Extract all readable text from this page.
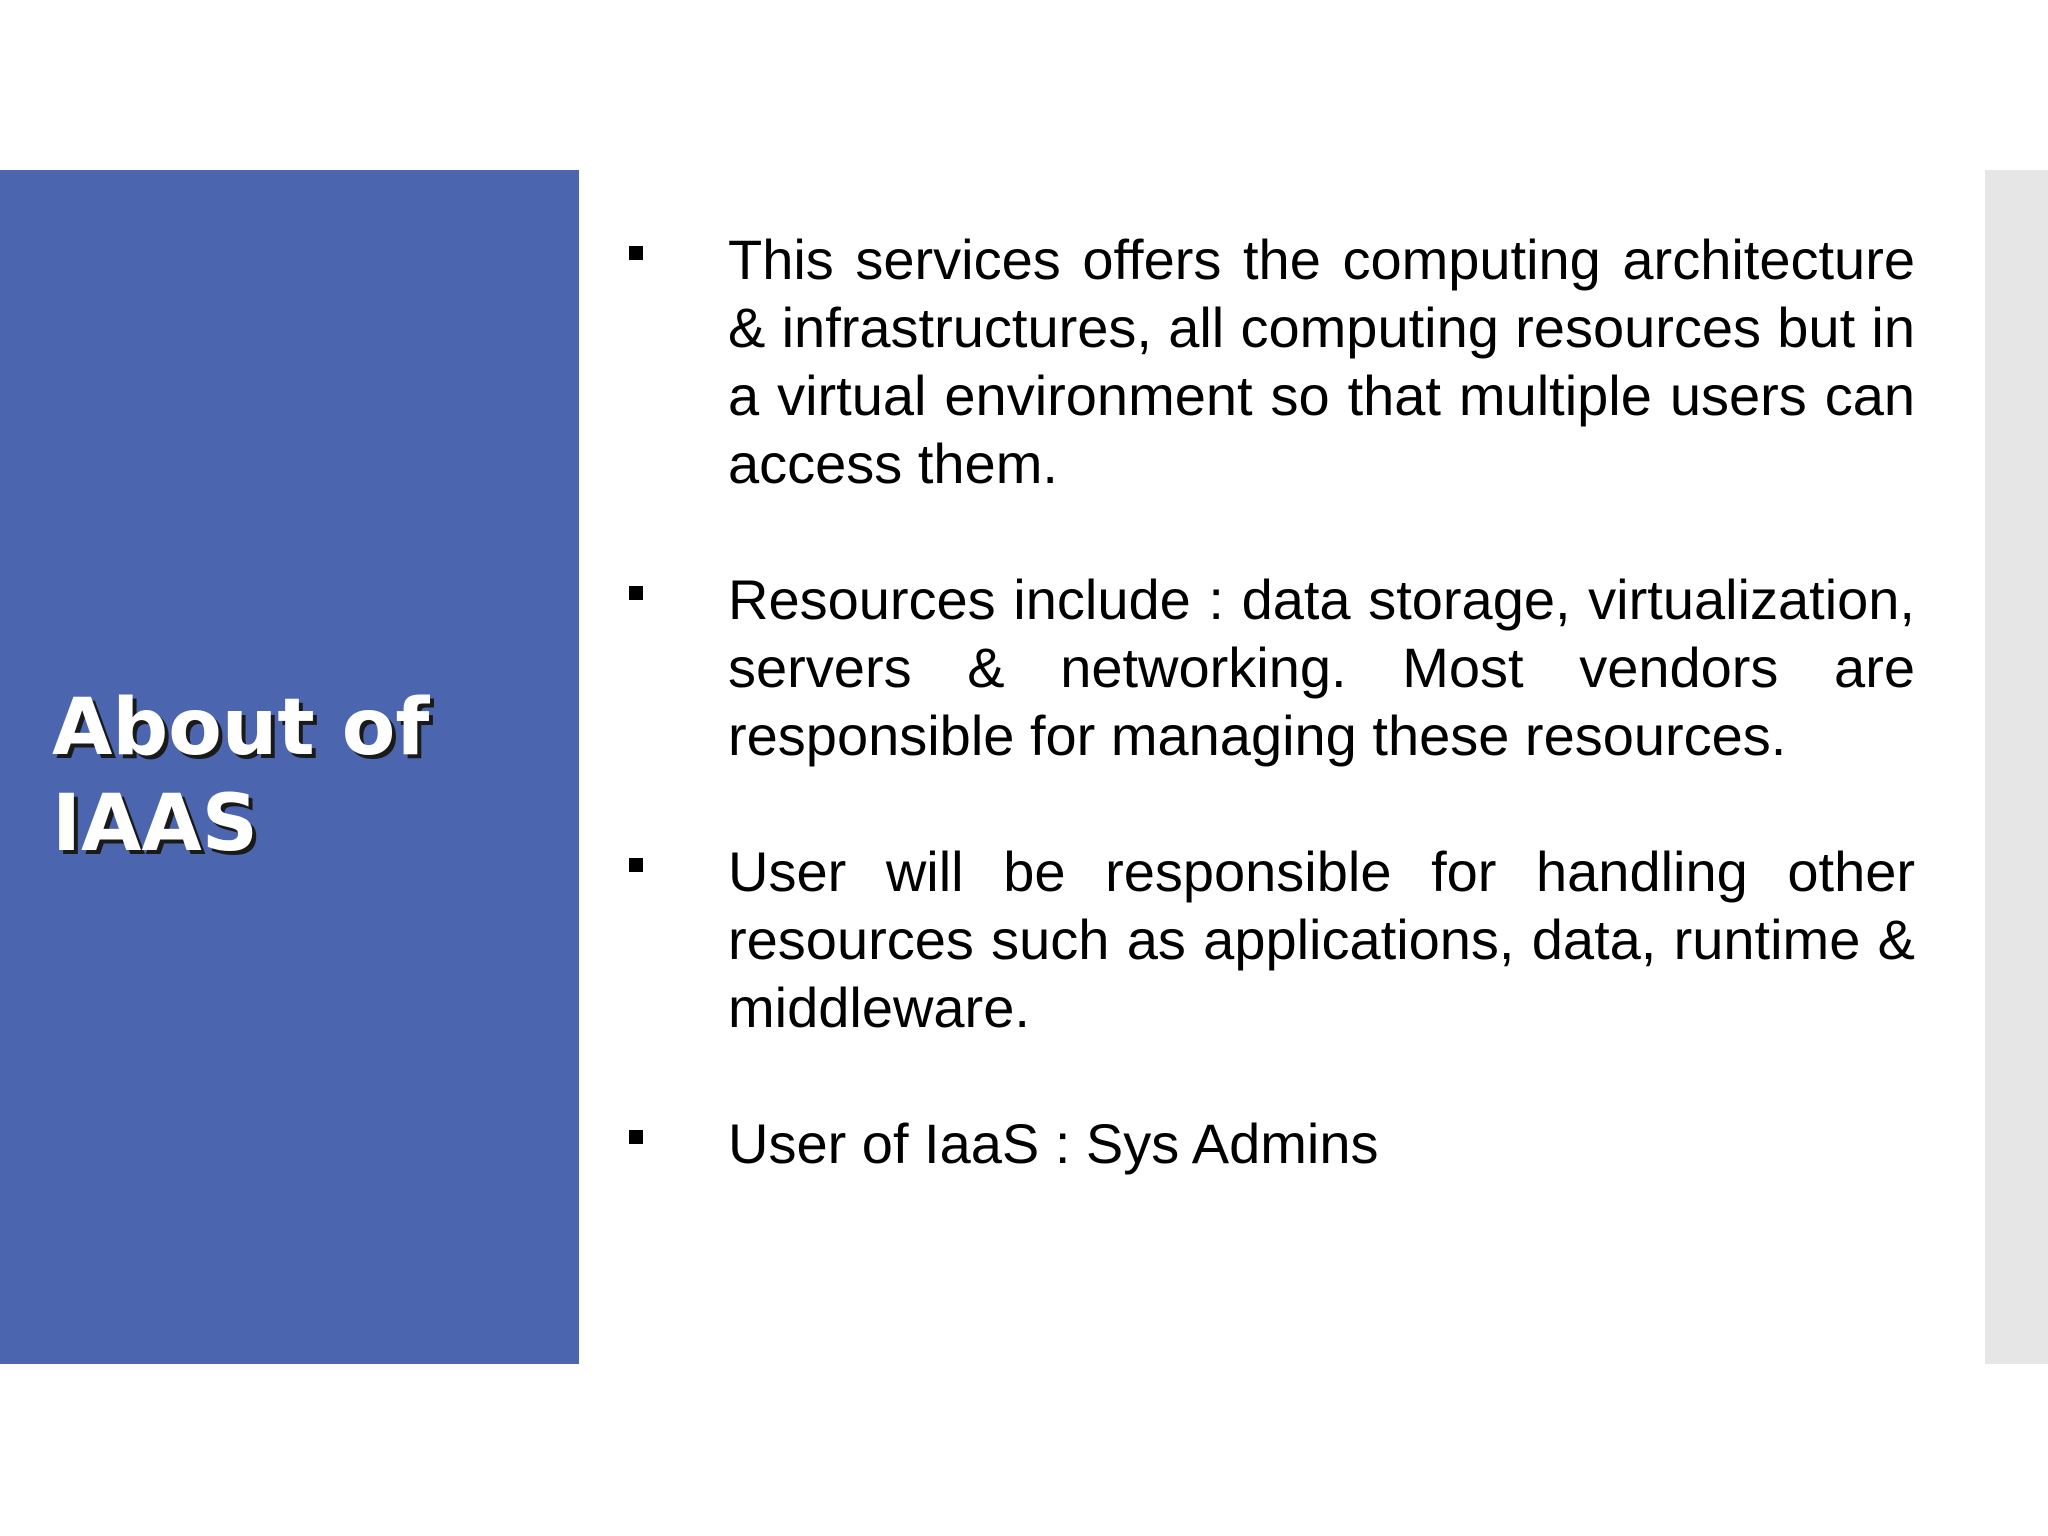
About of
IAAS

This services offers the computing architecture & infrastructures, all computing resources but in a virtual environment so that multiple users can access them.

Resources include : data storage, virtualization, servers & networking. Most vendors are responsible for managing these resources.

User will be responsible for handling other resources such as applications, data, runtime & middleware.

User of IaaS : Sys Admins
